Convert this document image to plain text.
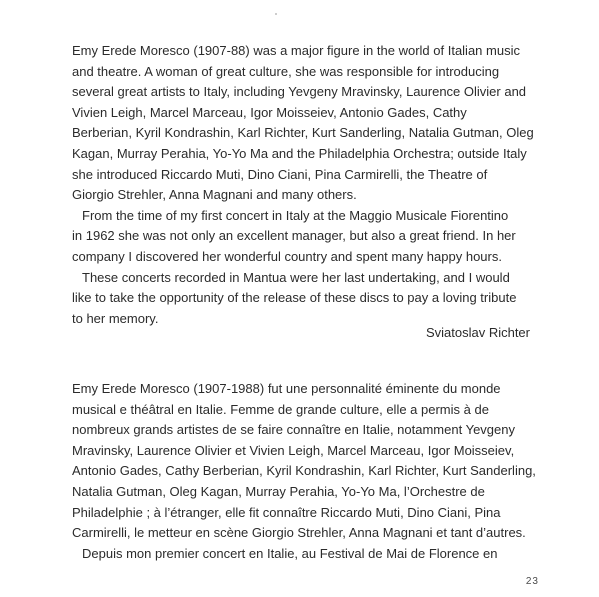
Emy Erede Moresco (1907-88) was a major figure in the world of Italian music
and theatre. A woman of great culture, she was responsible for introducing
several great artists to Italy, including Yevgeny Mravinsky, Laurence Olivier and
Vivien Leigh, Marcel Marceau, Igor Moisseiev, Antonio Gades, Cathy
Berberian, Kyril Kondrashin, Karl Richter, Kurt Sanderling, Natalia Gutman, Oleg
Kagan, Murray Perahia, Yo-Yo Ma and the Philadelphia Orchestra; outside Italy
she introduced Riccardo Muti, Dino Ciani, Pina Carmirelli, the Theatre of
Giorgio Strehler, Anna Magnani and many others.

From the time of my first concert in Italy at the Maggio Musicale Fiorentino
in 1962 she was not only an excellent manager, but also a great friend. In her
company I discovered her wonderful country and spent many happy hours.

These concerts recorded in Mantua were her last undertaking, and I would
like to take the opportunity of the release of these discs to pay a loving tribute
to her memory.

Sviatoslav Richter

Emy Erede Moresco (1907-1988) fut une personnalité éminente du monde
musical e théâtral en Italie. Femme de grande culture, elle a permis à de
nombreux grands artistes de se faire connaître en Italie, notamment Yevgeny
Mravinsky, Laurence Olivier et Vivien Leigh, Marcel Marceau, Igor Moisseiev,
Antonio Gades, Cathy Berberian, Kyril Kondrashin, Karl Richter, Kurt Sanderling,
Natalia Gutman, Oleg Kagan, Murray Perahia, Yo-Yo Ma, l’Orchestre de
Philadelphie ; à l’étranger, elle fit connaître Riccardo Muti, Dino Ciani, Pina
Carmirelli, le metteur en scène Giorgio Strehler, Anna Magnani et tant d’autres.

Depuis mon premier concert en Italie, au Festival de Mai de Florence en

23
